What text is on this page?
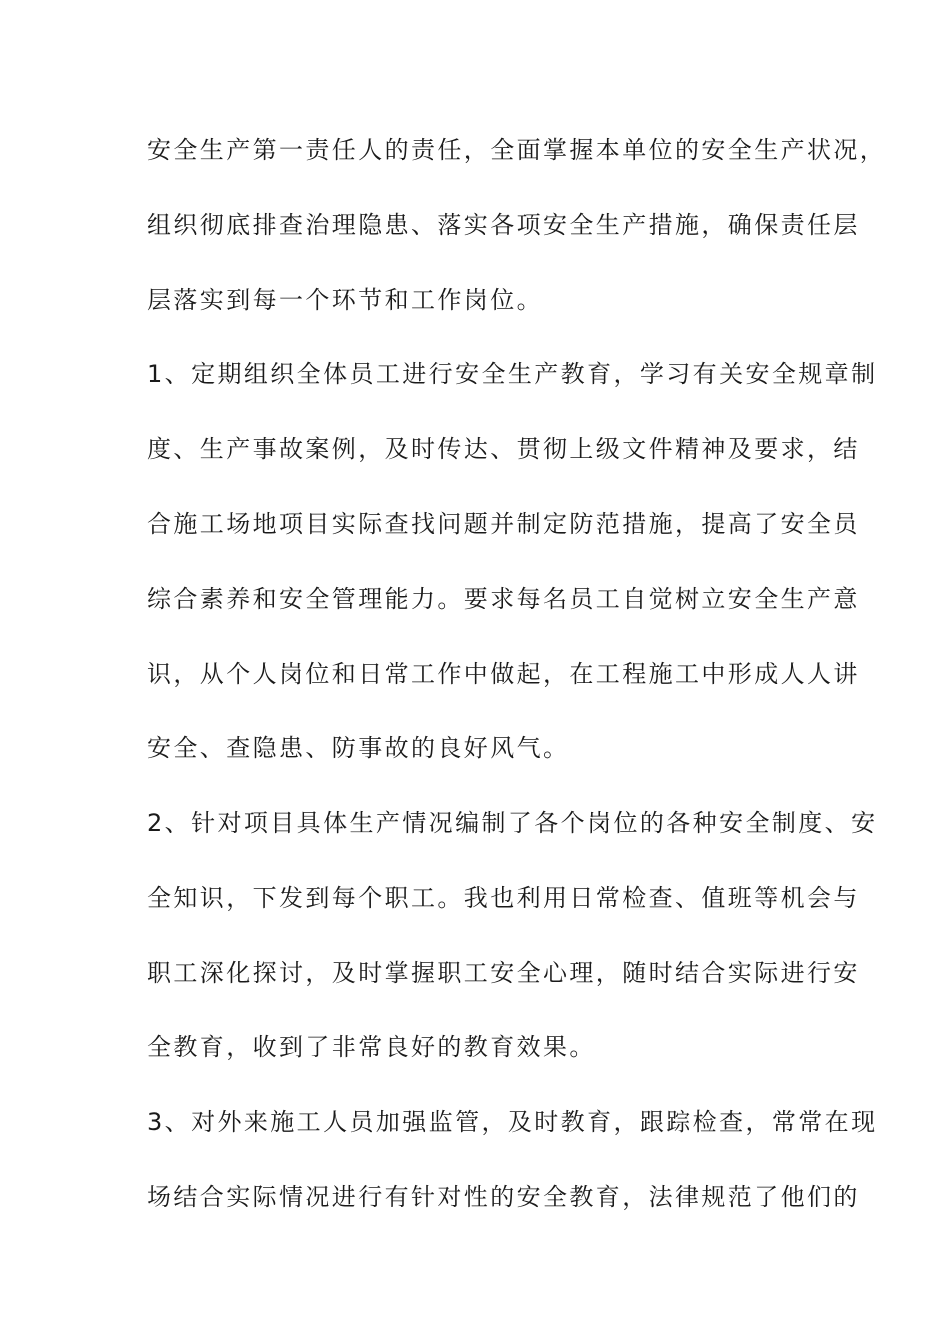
安全生产第一责任人的责任，全面掌握本单位的安全生产状况，
组织彻底排查治理隐患、落实各项安全生产措施，确保责任层
层落实到每一个环节和工作岗位。
1、定期组织全体员工进行安全生产教育，学习有关安全规章制
度、生产事故案例，及时传达、贯彻上级文件精神及要求，结
合施工场地项目实际查找问题并制定防范措施，提高了安全员
综合素养和安全管理能力。要求每名员工自觉树立安全生产意
识，从个人岗位和日常工作中做起，在工程施工中形成人人讲
安全、查隐患、防事故的良好风气。
2、针对项目具体生产情况编制了各个岗位的各种安全制度、安
全知识，下发到每个职工。我也利用日常检查、值班等机会与
职工深化探讨，及时掌握职工安全心理，随时结合实际进行安
全教育，收到了非常良好的教育效果。
3、对外来施工人员加强监管，及时教育，跟踪检查，常常在现
场结合实际情况进行有针对性的安全教育，法律规范了他们的
